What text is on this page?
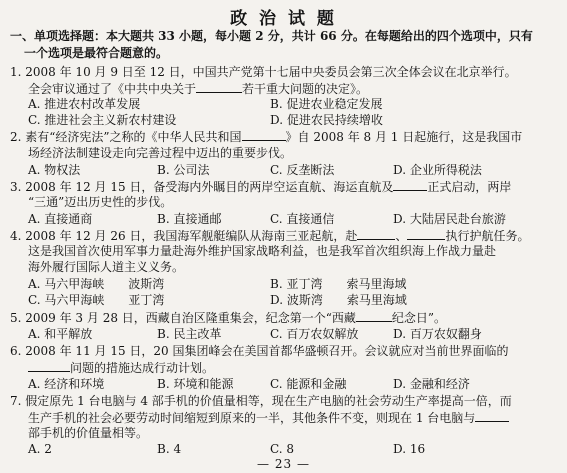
政 治 试 题
一、单项选择题：本大题共 33 小题，每小题 2 分，共计 66 分。在每题给出的四个选项中，只有
一个选项是最符合题意的。
1. 2008 年 10 月 9 日至 12 日，中国共产党第十七届中央委员会第三次全体会议在北京举行。
全会审议通过了《中共中央关于	若干重大问题的决定》。
A. 推进农村改革发展	B. 促进农业稳定发展
C. 推进社会主义新农村建设	D. 促进农民持续增收
2. 素有“经济宪法”之称的《中华人民共和国	》自 2008 年 8 月 1 日起施行，这是我国市
场经济法制建设走向完善过程中迈出的重要步伐。
A. 物权法	B. 公司法	C. 反垄断法	D. 企业所得税法
3. 2008 年 12 月 15 日，备受海内外瞩目的两岸空运直航、海运直航及	正式启动，两岸
“三通”迈出历史性的步伐。
A. 直接通商	B. 直接通邮	C. 直接通信	D. 大陆居民赴台旅游
4. 2008 年 12 月 26 日，我国海军舰艇编队从海南三亚起航，赴	、	执行护航任务。
这是我国首次使用军事力量赴海外维护国家战略利益，也是我军首次组织海上作战力量赴
海外履行国际人道主义义务。
A. 马六甲海峡　　波斯湾	B. 亚丁湾　　索马里海域
C. 马六甲海峡　　亚丁湾	D. 波斯湾　　索马里海域
5. 2009 年 3 月 28 日，西藏自治区隆重集会，纪念第一个“西藏	纪念日”。
A. 和平解放	B. 民主改革	C. 百万农奴解放	D. 百万农奴翻身
6. 2008 年 11 月 15 日，20 国集团峰会在美国首都华盛顿召开。会议就应对当前世界面临的
问题的措施达成行动计划。
A. 经济和环境	B. 环境和能源	C. 能源和金融	D. 金融和经济
7. 假定原先 1 台电脑与 4 部手机的价值量相等，现在生产电脑的社会劳动生产率提高一倍，而
生产手机的社会必要劳动时间缩短到原来的一半，其他条件不变，则现在 1 台电脑与
部手机的价值量相等。
A. 2	B. 4	C. 8	D. 16
— 23 —
